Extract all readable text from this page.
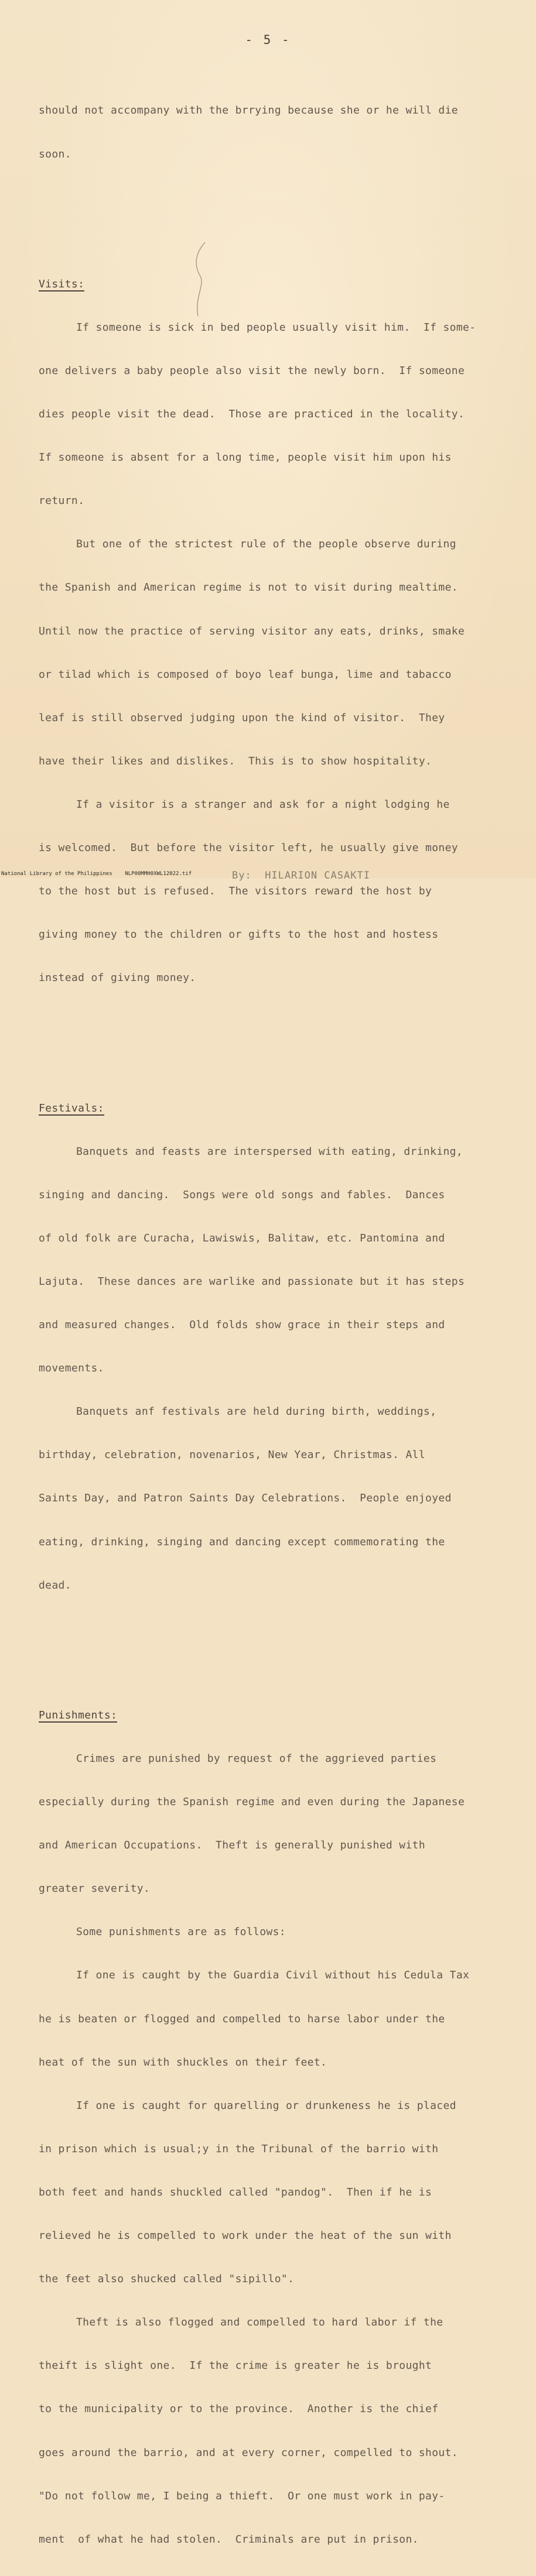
- 5 -

should not accompany with the brrying because she or he will die

soon.

Visits:

If someone is sick in bed people usually visit him.  If some-

one delivers a baby people also visit the newly born.  If someone

dies people visit the dead.  Those are practiced in the locality.

If someone is absent for a long time, people visit him upon his

return.

But one of the strictest rule of the people observe during

the Spanish and American regime is not to visit during mealtime.

Until now the practice of serving visitor any eats, drinks, smake

or tilad which is composed of boyo leaf bunga, lime and tabacco

leaf is still observed judging upon the kind of visitor.  They

have their likes and dislikes.  This is to show hospitality.

If a visitor is a stranger and ask for a night lodging he

is welcomed.  But before the visitor left, he usually give money

to the host but is refused.  The visitors reward the host by

giving money to the children or gifts to the host and hostess

instead of giving money.

Festivals:

Banquets and feasts are interspersed with eating, drinking,

singing and dancing.  Songs were old songs and fables.  Dances

of old folk are Curacha, Lawiswis, Balitaw, etc. Pantomina and

Lajuta.  These dances are warlike and passionate but it has steps

and measured changes.  Old folds show grace in their steps and

movements.

Banquets anf festivals are held during birth, weddings,

birthday, celebration, novenarios, New Year, Christmas. All

Saints Day, and Patron Saints Day Celebrations.  People enjoyed

eating, drinking, singing and dancing except commemorating the

dead.

Punishments:

Crimes are punished by request of the aggrieved parties

especially during the Spanish regime and even during the Japanese

and American Occupations.  Theft is generally punished with

greater severity.

Some punishments are as follows:

If one is caught by the Guardia Civil without his Cedula Tax

he is beaten or flogged and compelled to harse labor under the

heat of the sun with shuckles on their feet.

If one is caught for quarelling or drunkeness he is placed

in prison which is usual;y in the Tribunal of the barrio with

both feet and hands shuckled called "pandog".  Then if he is

relieved he is compelled to work under the heat of the sun with

the feet also shucked called "sipillo".

Theft is also flogged and compelled to hard labor if the

theift is slight one.  If the crime is greater he is brought

to the municipality or to the province.  Another is the chief

goes around the barrio, and at every corner, compelled to shout.

"Do not follow me, I being a thieft.  Or one must work in pay-

ment  of what he had stolen.  Criminals are put in prison.

By:  HILARION CASAKTI
National Library of the Philippines    NLP00MMH0XWL12022.tif
